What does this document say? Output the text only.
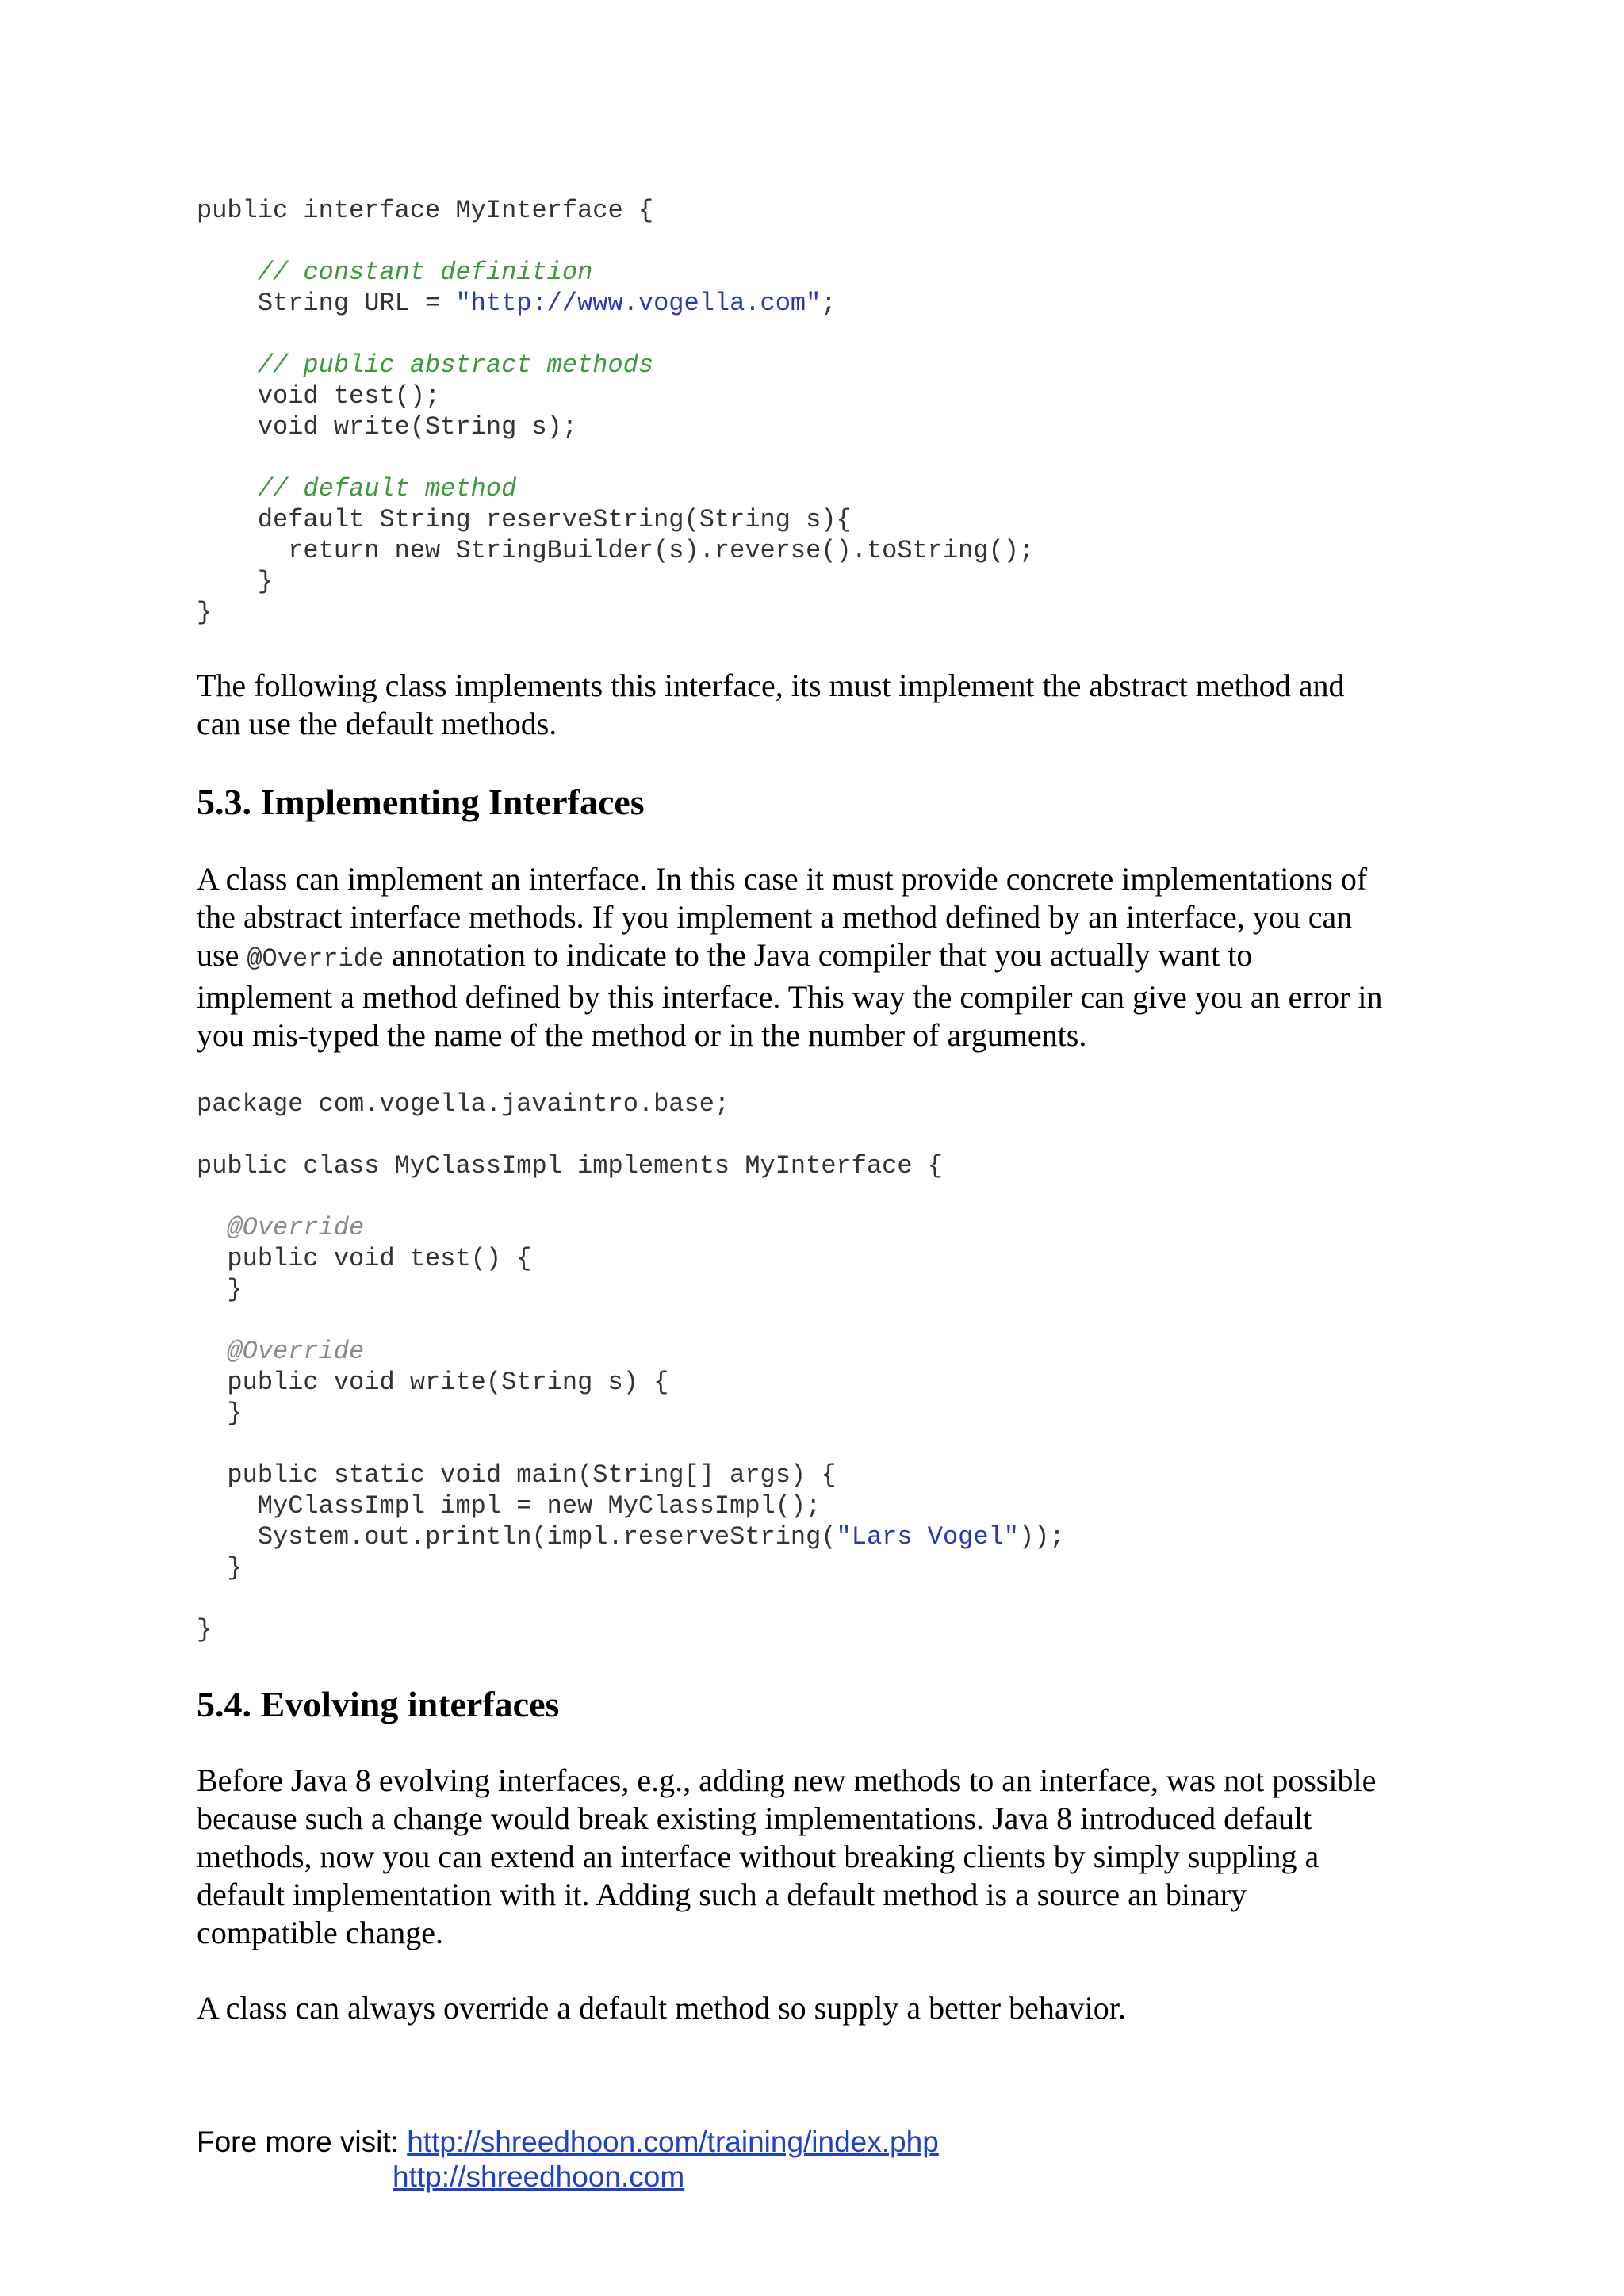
public interface MyInterface {
// constant definition
String URL = "http://www.vogella.com";
// public abstract methods
void test();
void write(String s);
// default method
default String reserveString(String s){
return new StringBuilder(s).reverse().toString();
}
}
The following class implements this interface, its must implement the abstract method and
can use the default methods.
5.3. Implementing Interfaces
A class can implement an interface. In this case it must provide concrete implementations of
the abstract interface methods. If you implement a method defined by an interface, you can
use @Override annotation to indicate to the Java compiler that you actually want to
implement a method defined by this interface. This way the compiler can give you an error in
you mis-typed the name of the method or in the number of arguments.
package com.vogella.javaintro.base;
public class MyClassImpl implements MyInterface {
@Override
public void test() {
}
@Override
public void write(String s) {
}
public static void main(String[] args) {
MyClassImpl impl = new MyClassImpl();
System.out.println(impl.reserveString("Lars Vogel"));
}
}
5.4. Evolving interfaces
Before Java 8 evolving interfaces, e.g., adding new methods to an interface, was not possible
because such a change would break existing implementations. Java 8 introduced default
methods, now you can extend an interface without breaking clients by simply suppling a
default implementation with it. Adding such a default method is a source an binary
compatible change.
A class can always override a default method so supply a better behavior.
Fore more visit: http://shreedhoon.com/training/index.php
http://shreedhoon.com
